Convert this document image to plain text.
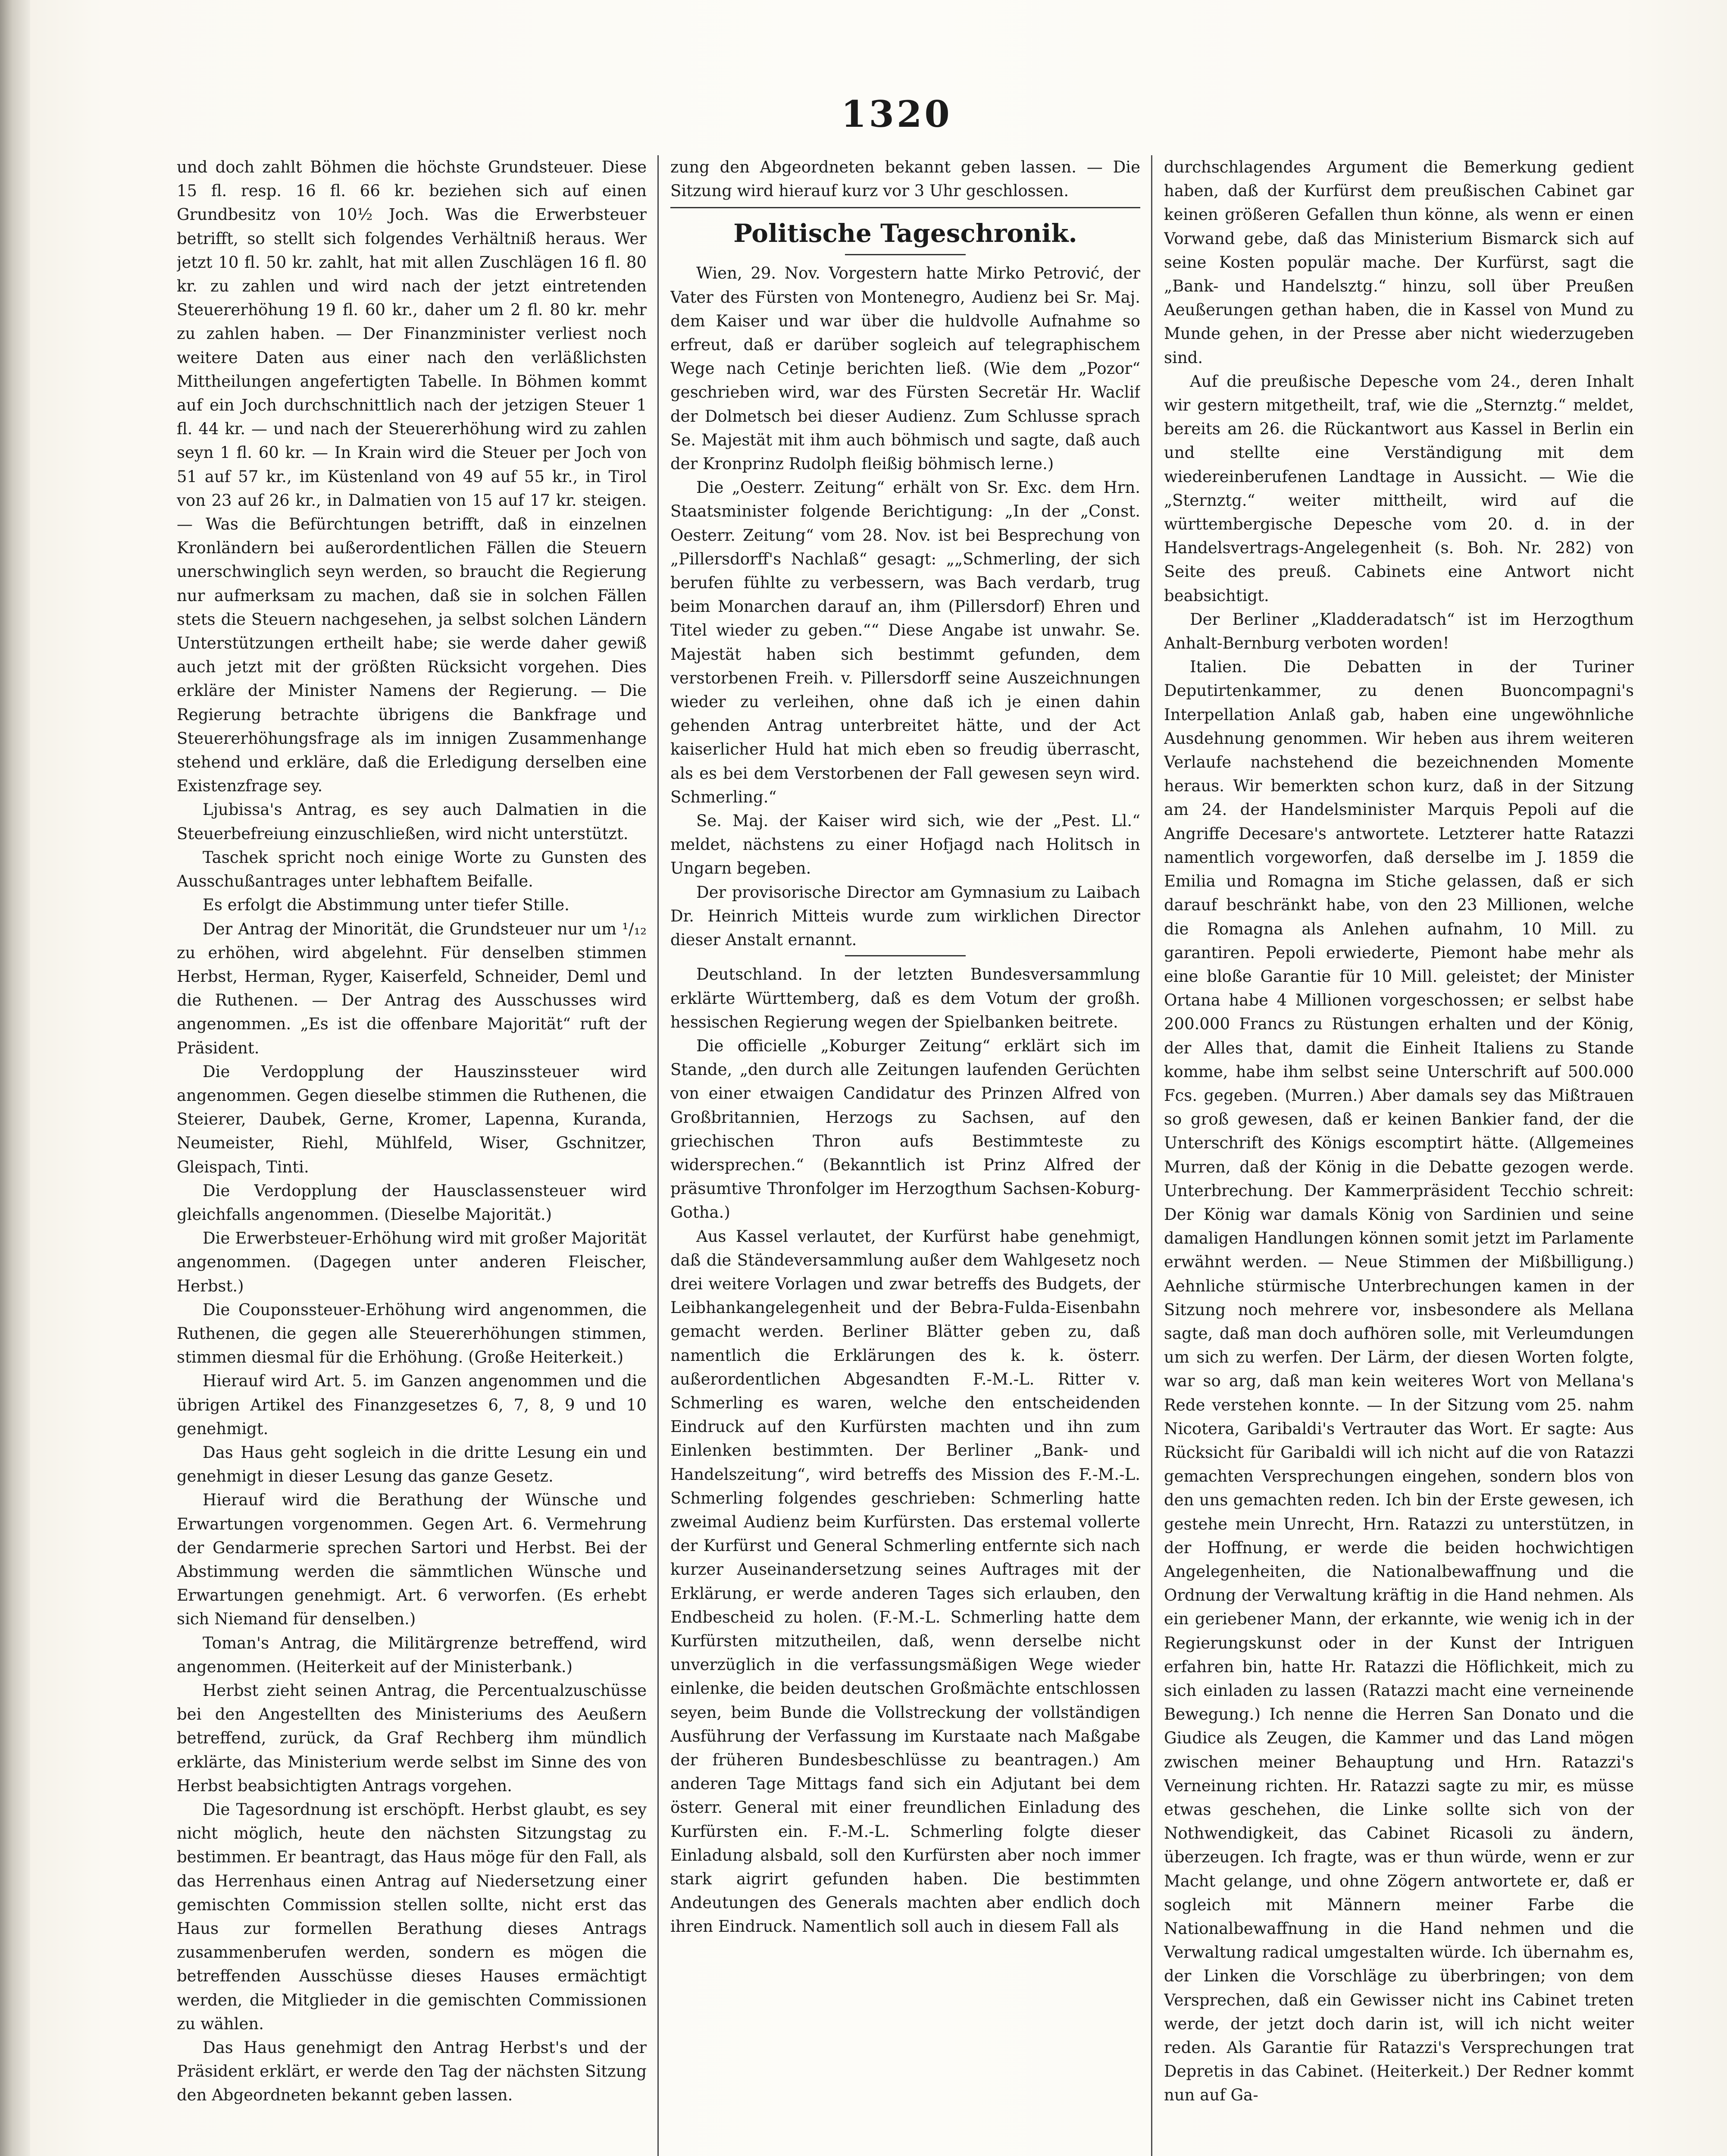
1320

und doch zahlt Böhmen die höchste Grundsteuer. Diese 15 fl. resp. 16 fl. 66 kr. beziehen sich auf einen Grundbesitz von 10½ Joch. Was die Erwerbsteuer betrifft, so stellt sich folgendes Verhältniß heraus. Wer jetzt 10 fl. 50 kr. zahlt, hat mit allen Zuschlägen 16 fl. 80 kr. zu zahlen und wird nach der jetzt eintretenden Steuererhöhung 19 fl. 60 kr., daher um 2 fl. 80 kr. mehr zu zahlen haben. — Der Finanzminister verliest noch weitere Daten aus einer nach den verläßlichsten Mittheilungen angefertigten Tabelle. In Böhmen kommt auf ein Joch durchschnittlich nach der jetzigen Steuer 1 fl. 44 kr. — und nach der Steuererhöhung wird zu zahlen seyn 1 fl. 60 kr. — In Krain wird die Steuer per Joch von 51 auf 57 kr., im Küstenland von 49 auf 55 kr., in Tirol von 23 auf 26 kr., in Dalmatien von 15 auf 17 kr. steigen. — Was die Befürchtungen betrifft, daß in einzelnen Kronländern bei außerordentlichen Fällen die Steuern unerschwinglich seyn werden, so braucht die Regierung nur aufmerksam zu machen, daß sie in solchen Fällen stets die Steuern nachgesehen, ja selbst solchen Ländern Unterstützungen ertheilt habe; sie werde daher gewiß auch jetzt mit der größten Rücksicht vorgehen. Dies erkläre der Minister Namens der Regierung. — Die Regierung betrachte übrigens die Bankfrage und Steuererhöhungsfrage als im innigen Zusammenhange stehend und erkläre, daß die Erledigung derselben eine Existenzfrage sey.

Ljubissa's Antrag, es sey auch Dalmatien in die Steuerbefreiung einzuschließen, wird nicht unterstützt.

Taschek spricht noch einige Worte zu Gunsten des Ausschußantrages unter lebhaftem Beifalle.

Es erfolgt die Abstimmung unter tiefer Stille.

Der Antrag der Minorität, die Grundsteuer nur um ¹/₁₂ zu erhöhen, wird abgelehnt. Für denselben stimmen Herbst, Herman, Ryger, Kaiserfeld, Schneider, Deml und die Ruthenen. — Der Antrag des Ausschusses wird angenommen. „Es ist die offenbare Majorität“ ruft der Präsident.

Die Verdopplung der Hauszinssteuer wird angenommen. Gegen dieselbe stimmen die Ruthenen, die Steierer, Daubek, Gerne, Kromer, Lapenna, Kuranda, Neumeister, Riehl, Mühlfeld, Wiser, Gschnitzer, Gleispach, Tinti.

Die Verdopplung der Hausclassensteuer wird gleichfalls angenommen. (Dieselbe Majorität.)

Die Erwerbsteuer-Erhöhung wird mit großer Majorität angenommen. (Dagegen unter anderen Fleischer, Herbst.)

Die Couponssteuer-Erhöhung wird angenommen, die Ruthenen, die gegen alle Steuererhöhungen stimmen, stimmen diesmal für die Erhöhung. (Große Heiterkeit.)

Hierauf wird Art. 5. im Ganzen angenommen und die übrigen Artikel des Finanzgesetzes 6, 7, 8, 9 und 10 genehmigt.

Das Haus geht sogleich in die dritte Lesung ein und genehmigt in dieser Lesung das ganze Gesetz.

Hierauf wird die Berathung der Wünsche und Erwartungen vorgenommen. Gegen Art. 6. Vermehrung der Gendarmerie sprechen Sartori und Herbst. Bei der Abstimmung werden die sämmtlichen Wünsche und Erwartungen genehmigt. Art. 6 verworfen. (Es erhebt sich Niemand für denselben.)

Toman's Antrag, die Militärgrenze betreffend, wird angenommen. (Heiterkeit auf der Ministerbank.)

Herbst zieht seinen Antrag, die Percentualzuschüsse bei den Angestellten des Ministeriums des Aeußern betreffend, zurück, da Graf Rechberg ihm mündlich erklärte, das Ministerium werde selbst im Sinne des von Herbst beabsichtigten Antrags vorgehen.

Die Tagesordnung ist erschöpft. Herbst glaubt, es sey nicht möglich, heute den nächsten Sitzungstag zu bestimmen. Er beantragt, das Haus möge für den Fall, als das Herrenhaus einen Antrag auf Niedersetzung einer gemischten Commission stellen sollte, nicht erst das Haus zur formellen Berathung dieses Antrags zusammenberufen werden, sondern es mögen die betreffenden Ausschüsse dieses Hauses ermächtigt werden, die Mitglieder in die gemischten Commissionen zu wählen.

Das Haus genehmigt den Antrag Herbst's und der Präsident erklärt, er werde den Tag der nächsten Sitzung den Abgeordneten bekannt geben lassen.

zung den Abgeordneten bekannt geben lassen. — Die Sitzung wird hierauf kurz vor 3 Uhr geschlossen.

Politische Tageschronik.

Wien, 29. Nov. Vorgestern hatte Mirko Petrović, der Vater des Fürsten von Montenegro, Audienz bei Sr. Maj. dem Kaiser und war über die huldvolle Aufnahme so erfreut, daß er darüber sogleich auf telegraphischem Wege nach Cetinje berichten ließ. (Wie dem „Pozor“ geschrieben wird, war des Fürsten Secretär Hr. Waclif der Dolmetsch bei dieser Audienz. Zum Schlusse sprach Se. Majestät mit ihm auch böhmisch und sagte, daß auch der Kronprinz Rudolph fleißig böhmisch lerne.)

Die „Oesterr. Zeitung“ erhält von Sr. Exc. dem Hrn. Staatsminister folgende Berichtigung: „In der „Const. Oesterr. Zeitung“ vom 28. Nov. ist bei Besprechung von „Pillersdorff's Nachlaß“ gesagt: „„Schmerling, der sich berufen fühlte zu verbessern, was Bach verdarb, trug beim Monarchen darauf an, ihm (Pillersdorf) Ehren und Titel wieder zu geben.““ Diese Angabe ist unwahr. Se. Majestät haben sich bestimmt gefunden, dem verstorbenen Freih. v. Pillersdorff seine Auszeichnungen wieder zu verleihen, ohne daß ich je einen dahin gehenden Antrag unterbreitet hätte, und der Act kaiserlicher Huld hat mich eben so freudig überrascht, als es bei dem Verstorbenen der Fall gewesen seyn wird. Schmerling.“

Se. Maj. der Kaiser wird sich, wie der „Pest. Ll.“ meldet, nächstens zu einer Hofjagd nach Holitsch in Ungarn begeben.

Der provisorische Director am Gymnasium zu Laibach Dr. Heinrich Mitteis wurde zum wirklichen Director dieser Anstalt ernannt.

Deutschland. In der letzten Bundesversammlung erklärte Württemberg, daß es dem Votum der großh. hessischen Regierung wegen der Spielbanken beitrete.

Die officielle „Koburger Zeitung“ erklärt sich im Stande, „den durch alle Zeitungen laufenden Gerüchten von einer etwaigen Candidatur des Prinzen Alfred von Großbritannien, Herzogs zu Sachsen, auf den griechischen Thron aufs Bestimmteste zu widersprechen.“ (Bekanntlich ist Prinz Alfred der präsumtive Thronfolger im Herzogthum Sachsen-Koburg-Gotha.)

Aus Kassel verlautet, der Kurfürst habe genehmigt, daß die Ständeversammlung außer dem Wahlgesetz noch drei weitere Vorlagen und zwar betreffs des Budgets, der Leibhankangelegenheit und der Bebra-Fulda-Eisenbahn gemacht werden. Berliner Blätter geben zu, daß namentlich die Erklärungen des k. k. österr. außerordentlichen Abgesandten F.-M.-L. Ritter v. Schmerling es waren, welche den entscheidenden Eindruck auf den Kurfürsten machten und ihn zum Einlenken bestimmten. Der Berliner „Bank- und Handelszeitung“, wird betreffs des Mission des F.-M.-L. Schmerling folgendes geschrieben: Schmerling hatte zweimal Audienz beim Kurfürsten. Das erstemal vollerte der Kurfürst und General Schmerling entfernte sich nach kurzer Auseinandersetzung seines Auftrages mit der Erklärung, er werde anderen Tages sich erlauben, den Endbescheid zu holen. (F.-M.-L. Schmerling hatte dem Kurfürsten mitzutheilen, daß, wenn derselbe nicht unverzüglich in die verfassungsmäßigen Wege wieder einlenke, die beiden deutschen Großmächte entschlossen seyen, beim Bunde die Vollstreckung der vollständigen Ausführung der Verfassung im Kurstaate nach Maßgabe der früheren Bundesbeschlüsse zu beantragen.) Am anderen Tage Mittags fand sich ein Adjutant bei dem österr. General mit einer freundlichen Einladung des Kurfürsten ein. F.-M.-L. Schmerling folgte dieser Einladung alsbald, soll den Kurfürsten aber noch immer stark aigrirt gefunden haben. Die bestimmten Andeutungen des Generals machten aber endlich doch ihren Eindruck. Namentlich soll auch in diesem Fall als

durchschlagendes Argument die Bemerkung gedient haben, daß der Kurfürst dem preußischen Cabinet gar keinen größeren Gefallen thun könne, als wenn er einen Vorwand gebe, daß das Ministerium Bismarck sich auf seine Kosten populär mache. Der Kurfürst, sagt die „Bank- und Handelsztg.“ hinzu, soll über Preußen Aeußerungen gethan haben, die in Kassel von Mund zu Munde gehen, in der Presse aber nicht wiederzugeben sind.

Auf die preußische Depesche vom 24., deren Inhalt wir gestern mitgetheilt, traf, wie die „Sternztg.“ meldet, bereits am 26. die Rückantwort aus Kassel in Berlin ein und stellte eine Verständigung mit dem wiedereinberufenen Landtage in Aussicht. — Wie die „Sternztg.“ weiter mittheilt, wird auf die württembergische Depesche vom 20. d. in der Handelsvertrags-Angelegenheit (s. Boh. Nr. 282) von Seite des preuß. Cabinets eine Antwort nicht beabsichtigt.

Der Berliner „Kladderadatsch“ ist im Herzogthum Anhalt-Bernburg verboten worden!

Italien. Die Debatten in der Turiner Deputirtenkammer, zu denen Buoncompagni's Interpellation Anlaß gab, haben eine ungewöhnliche Ausdehnung genommen. Wir heben aus ihrem weiteren Verlaufe nachstehend die bezeichnenden Momente heraus. Wir bemerkten schon kurz, daß in der Sitzung am 24. der Handelsminister Marquis Pepoli auf die Angriffe Decesare's antwortete. Letzterer hatte Ratazzi namentlich vorgeworfen, daß derselbe im J. 1859 die Emilia und Romagna im Stiche gelassen, daß er sich darauf beschränkt habe, von den 23 Millionen, welche die Romagna als Anlehen aufnahm, 10 Mill. zu garantiren. Pepoli erwiederte, Piemont habe mehr als eine bloße Garantie für 10 Mill. geleistet; der Minister Ortana habe 4 Millionen vorgeschossen; er selbst habe 200.000 Francs zu Rüstungen erhalten und der König, der Alles that, damit die Einheit Italiens zu Stande komme, habe ihm selbst seine Unterschrift auf 500.000 Fcs. gegeben. (Murren.) Aber damals sey das Mißtrauen so groß gewesen, daß er keinen Bankier fand, der die Unterschrift des Königs escomptirt hätte. (Allgemeines Murren, daß der König in die Debatte gezogen werde. Unterbrechung. Der Kammerpräsident Tecchio schreit: Der König war damals König von Sardinien und seine damaligen Handlungen können somit jetzt im Parlamente erwähnt werden. — Neue Stimmen der Mißbilligung.) Aehnliche stürmische Unterbrechungen kamen in der Sitzung noch mehrere vor, insbesondere als Mellana sagte, daß man doch aufhören solle, mit Verleumdungen um sich zu werfen. Der Lärm, der diesen Worten folgte, war so arg, daß man kein weiteres Wort von Mellana's Rede verstehen konnte. — In der Sitzung vom 25. nahm Nicotera, Garibaldi's Vertrauter das Wort. Er sagte: Aus Rücksicht für Garibaldi will ich nicht auf die von Ratazzi gemachten Versprechungen eingehen, sondern blos von den uns gemachten reden. Ich bin der Erste gewesen, ich gestehe mein Unrecht, Hrn. Ratazzi zu unterstützen, in der Hoffnung, er werde die beiden hochwichtigen Angelegenheiten, die Nationalbewaffnung und die Ordnung der Verwaltung kräftig in die Hand nehmen. Als ein geriebener Mann, der erkannte, wie wenig ich in der Regierungskunst oder in der Kunst der Intriguen erfahren bin, hatte Hr. Ratazzi die Höflichkeit, mich zu sich einladen zu lassen (Ratazzi macht eine verneinende Bewegung.) Ich nenne die Herren San Donato und die Giudice als Zeugen, die Kammer und das Land mögen zwischen meiner Behauptung und Hrn. Ratazzi's Verneinung richten. Hr. Ratazzi sagte zu mir, es müsse etwas geschehen, die Linke sollte sich von der Nothwendigkeit, das Cabinet Ricasoli zu ändern, überzeugen. Ich fragte, was er thun würde, wenn er zur Macht gelange, und ohne Zögern antwortete er, daß er sogleich mit Männern meiner Farbe die Nationalbewaffnung in die Hand nehmen und die Verwaltung radical umgestalten würde. Ich übernahm es, der Linken die Vorschläge zu überbringen; von dem Versprechen, daß ein Gewisser nicht ins Cabinet treten werde, der jetzt doch darin ist, will ich nicht weiter reden. Als Garantie für Ratazzi's Versprechungen trat Depretis in das Cabinet. (Heiterkeit.) Der Redner kommt nun auf Ga-
